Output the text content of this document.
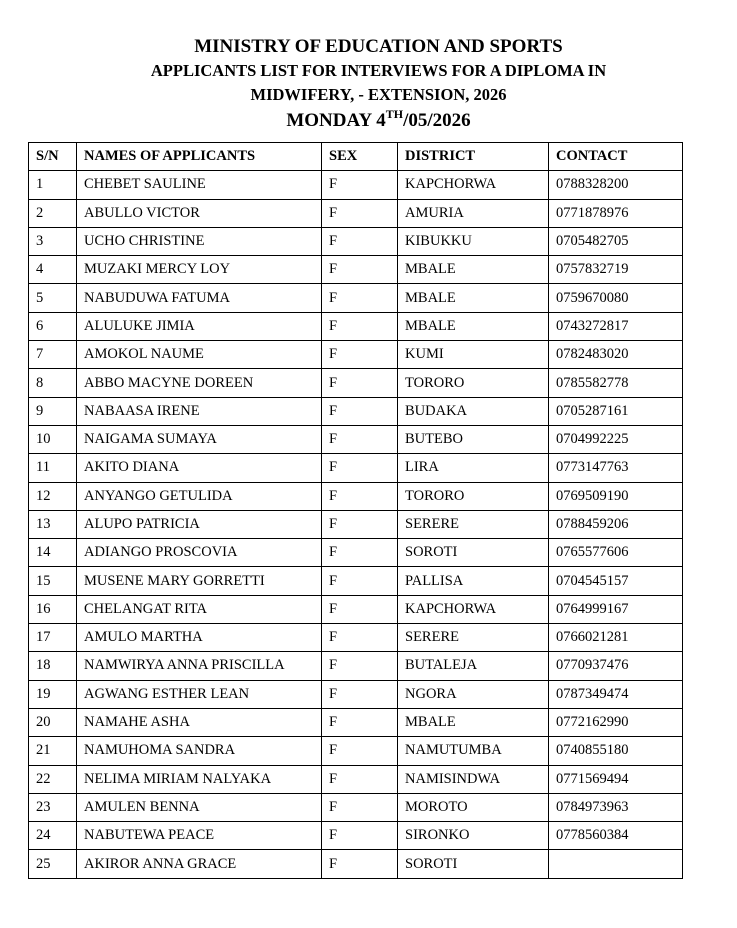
MINISTRY OF EDUCATION AND SPORTS
APPLICANTS LIST FOR INTERVIEWS FOR A DIPLOMA IN
MIDWIFERY, - EXTENSION, 2026
MONDAY 4TH/05/2026
S/N	NAMES OF APPLICANTS	SEX	DISTRICT	CONTACT
1	CHEBET SAULINE	F	KAPCHORWA	0788328200
2	ABULLO VICTOR	F	AMURIA	0771878976
3	UCHO CHRISTINE	F	KIBUKKU	0705482705
4	MUZAKI MERCY LOY	F	MBALE	0757832719
5	NABUDUWA FATUMA	F	MBALE	0759670080
6	ALULUKE JIMIA	F	MBALE	0743272817
7	AMOKOL NAUME	F	KUMI	0782483020
8	ABBO MACYNE DOREEN	F	TORORO	0785582778
9	NABAASA IRENE	F	BUDAKA	0705287161
10	NAIGAMA SUMAYA	F	BUTEBO	0704992225
11	AKITO DIANA	F	LIRA	0773147763
12	ANYANGO GETULIDA	F	TORORO	0769509190
13	ALUPO PATRICIA	F	SERERE	0788459206
14	ADIANGO PROSCOVIA	F	SOROTI	0765577606
15	MUSENE MARY GORRETTI	F	PALLISA	0704545157
16	CHELANGAT RITA	F	KAPCHORWA	0764999167
17	AMULO MARTHA	F	SERERE	0766021281
18	NAMWIRYA ANNA PRISCILLA	F	BUTALEJA	0770937476
19	AGWANG ESTHER LEAN	F	NGORA	0787349474
20	NAMAHE ASHA	F	MBALE	0772162990
21	NAMUHOMA SANDRA	F	NAMUTUMBA	0740855180
22	NELIMA MIRIAM NALYAKA	F	NAMISINDWA	0771569494
23	AMULEN BENNA	F	MOROTO	0784973963
24	NABUTEWA PEACE	F	SIRONKO	0778560384
25	AKIROR ANNA GRACE	F	SOROTI	
